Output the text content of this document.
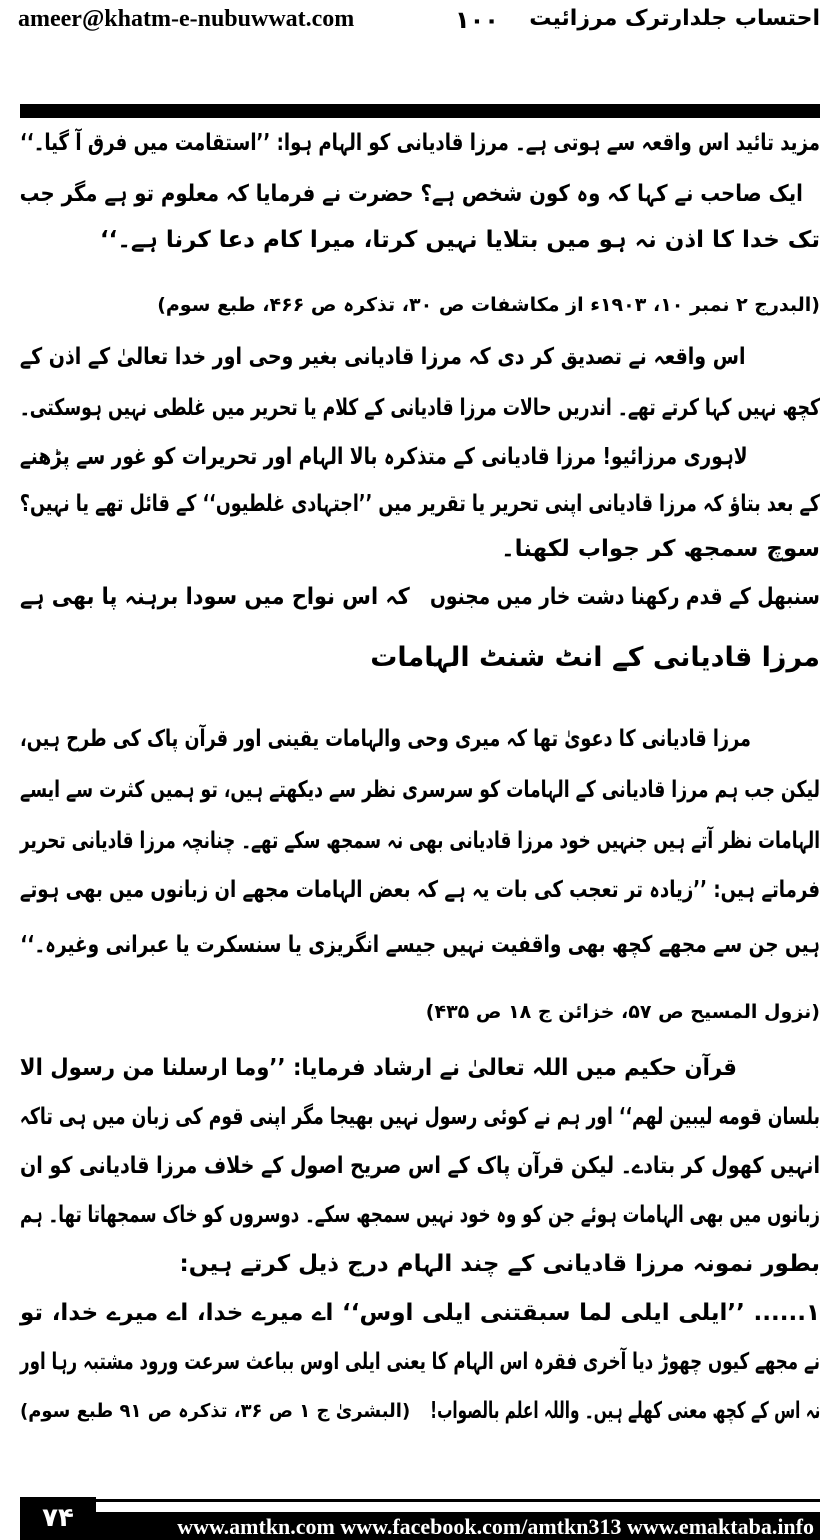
ameer@khatm-e-nubuwwat.com	۱۰۰ احتساب جلدارترک مرزائیت
مزید تائید اس واقعہ سے ہوتی ہے۔ مرزا قادیانی کو الہام ہوا: ’’استقامت میں فرق آ گیا۔‘‘
ایک صاحب نے کہا کہ وہ کون شخص ہے؟ حضرت نے فرمایا کہ معلوم تو ہے مگر جب
تک خدا کا اذن نہ ہو میں بتلایا نہیں کرتا، میرا کام دعا کرنا ہے۔‘‘
(البدرج ۲ نمبر ۱۰، ۱۹۰۳ء از مکاشفات ص ۳۰، تذکرہ ص ۴۶۶، طبع سوم)
اس واقعہ نے تصدیق کر دی کہ مرزا قادیانی بغیر وحی اور خدا تعالیٰ کے اذن کے
کچھ نہیں کہا کرتے تھے۔ اندریں حالات مرزا قادیانی کے کلام یا تحریر میں غلطی نہیں ہوسکتی۔
لاہوری مرزائیو! مرزا قادیانی کے متذکرہ بالا الہام اور تحریرات کو غور سے پڑھنے
کے بعد بتاؤ کہ مرزا قادیانی اپنی تحریر یا تقریر میں ’’اجتہادی غلطیوں‘‘ کے قائل تھے یا نہیں؟
سوچ سمجھ کر جواب لکھنا۔
سنبھل کے قدم رکھنا دشت خار میں مجنوں
کہ اس نواح میں سودا برہنہ پا بھی ہے
مرزا قادیانی کے انٹ شنٹ الہامات
مرزا قادیانی کا دعویٰ تھا کہ میری وحی والہامات یقینی اور قرآن پاک کی طرح ہیں،
لیکن جب ہم مرزا قادیانی کے الہامات کو سرسری نظر سے دیکھتے ہیں، تو ہمیں کثرت سے ایسے
الہامات نظر آتے ہیں جنہیں خود مرزا قادیانی بھی نہ سمجھ سکے تھے۔ چنانچہ مرزا قادیانی تحریر
فرماتے ہیں: ’’زیادہ تر تعجب کی بات یہ ہے کہ بعض الہامات مجھے ان زبانوں میں بھی ہوتے
ہیں جن سے مجھے کچھ بھی واقفیت نہیں جیسے انگریزی یا سنسکرت یا عبرانی وغیرہ۔‘‘
(نزول المسیح ص ۵۷، خزائن ج ۱۸ ص ۴۳۵)
قرآن حکیم میں اللہ تعالیٰ نے ارشاد فرمایا: ’’وما ارسلنا من رسول الا
بلسان قومه ليبين لهم‘‘ اور ہم نے کوئی رسول نہیں بھیجا مگر اپنی قوم کی زبان میں ہی تاکہ
انہیں کھول کر بتادے۔ لیکن قرآن پاک کے اس صریح اصول کے خلاف مرزا قادیانی کو ان
زبانوں میں بھی الہامات ہوئے جن کو وہ خود نہیں سمجھ سکے۔ دوسروں کو خاک سمجھاتا تھا۔ ہم
بطور نمونہ مرزا قادیانی کے چند الہام درج ذیل کرتے ہیں:
۱...... ’’ایلی ایلی لما سبقتنی ایلی اوس‘‘ اے میرے خدا، اے میرے خدا، تو
نے مجھے کیوں چھوڑ دیا آخری فقرہ اس الہام کا یعنی ایلی اوس بباعث سرعت ورود مشتبہ رہا اور
نہ اس کے کچھ معنی کھلے ہیں۔ واللہ اعلم بالصواب!
(البشریٰ ج ۱ ص ۳۶، تذکرہ ص ۹۱ طبع سوم)
۷۴	www.amtkn.com www.facebook.com/amtkn313 www.emaktaba.info
